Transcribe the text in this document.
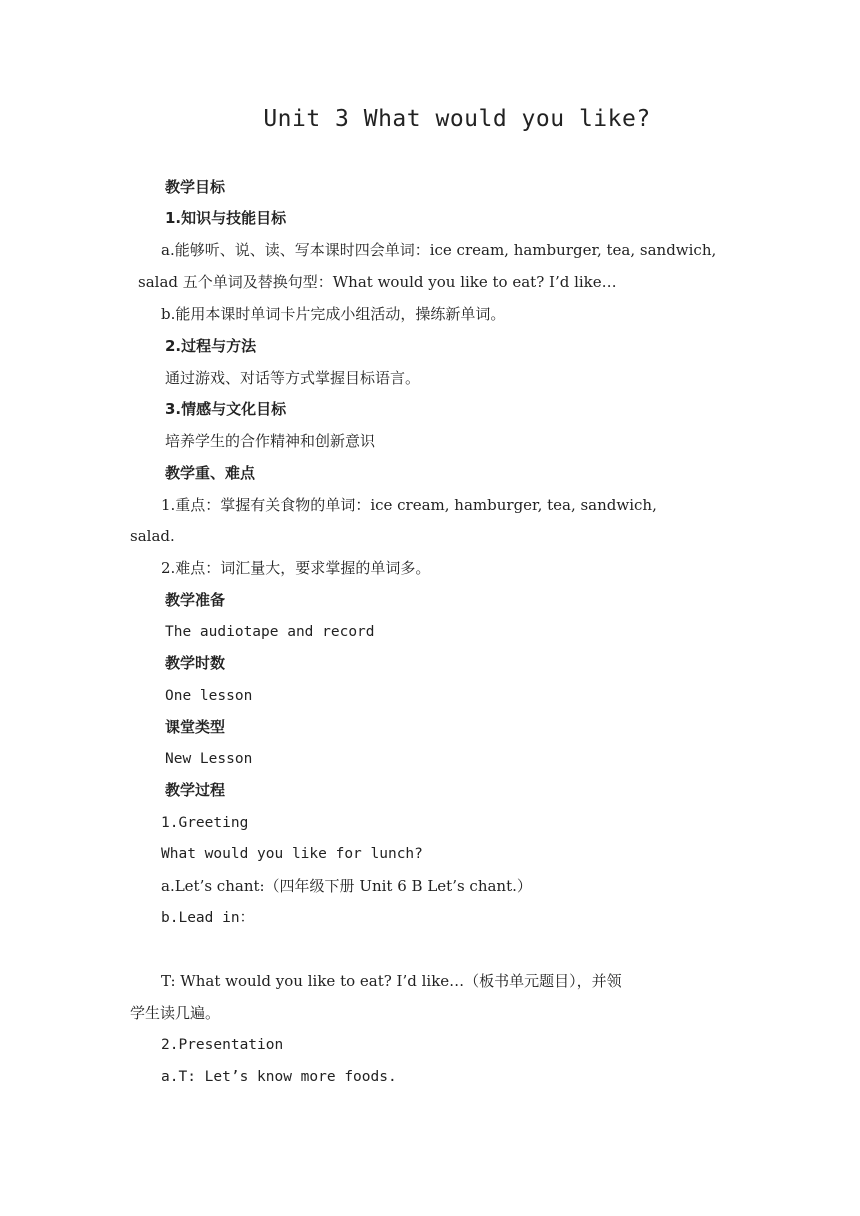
Unit 3 What would you like?
教学目标
1.知识与技能目标
a.能够听、说、读、写本课时四会单词：ice cream, hamburger, tea, sandwich,
salad 五个单词及替换句型：What would you like to eat? I’d like…
b.能用本课时单词卡片完成小组活动，操练新单词。
2.过程与方法
通过游戏、对话等方式掌握目标语言。
3.情感与文化目标
培养学生的合作精神和创新意识
教学重、难点
1.重点：掌握有关食物的单词：ice cream, hamburger, tea, sandwich,
salad.
2.难点：词汇量大，要求掌握的单词多。
教学准备
The audiotape and record
教学时数
One lesson
课堂类型
New Lesson
教学过程
1.Greeting
What would you like for lunch?
a.Let’s chant:（四年级下册 Unit 6 B Let’s chant.）
b.Lead in：
T: What would you like to eat? I’d like…（板书单元题目），并领
学生读几遍。
2.Presentation
a.T: Let’s know more foods.
